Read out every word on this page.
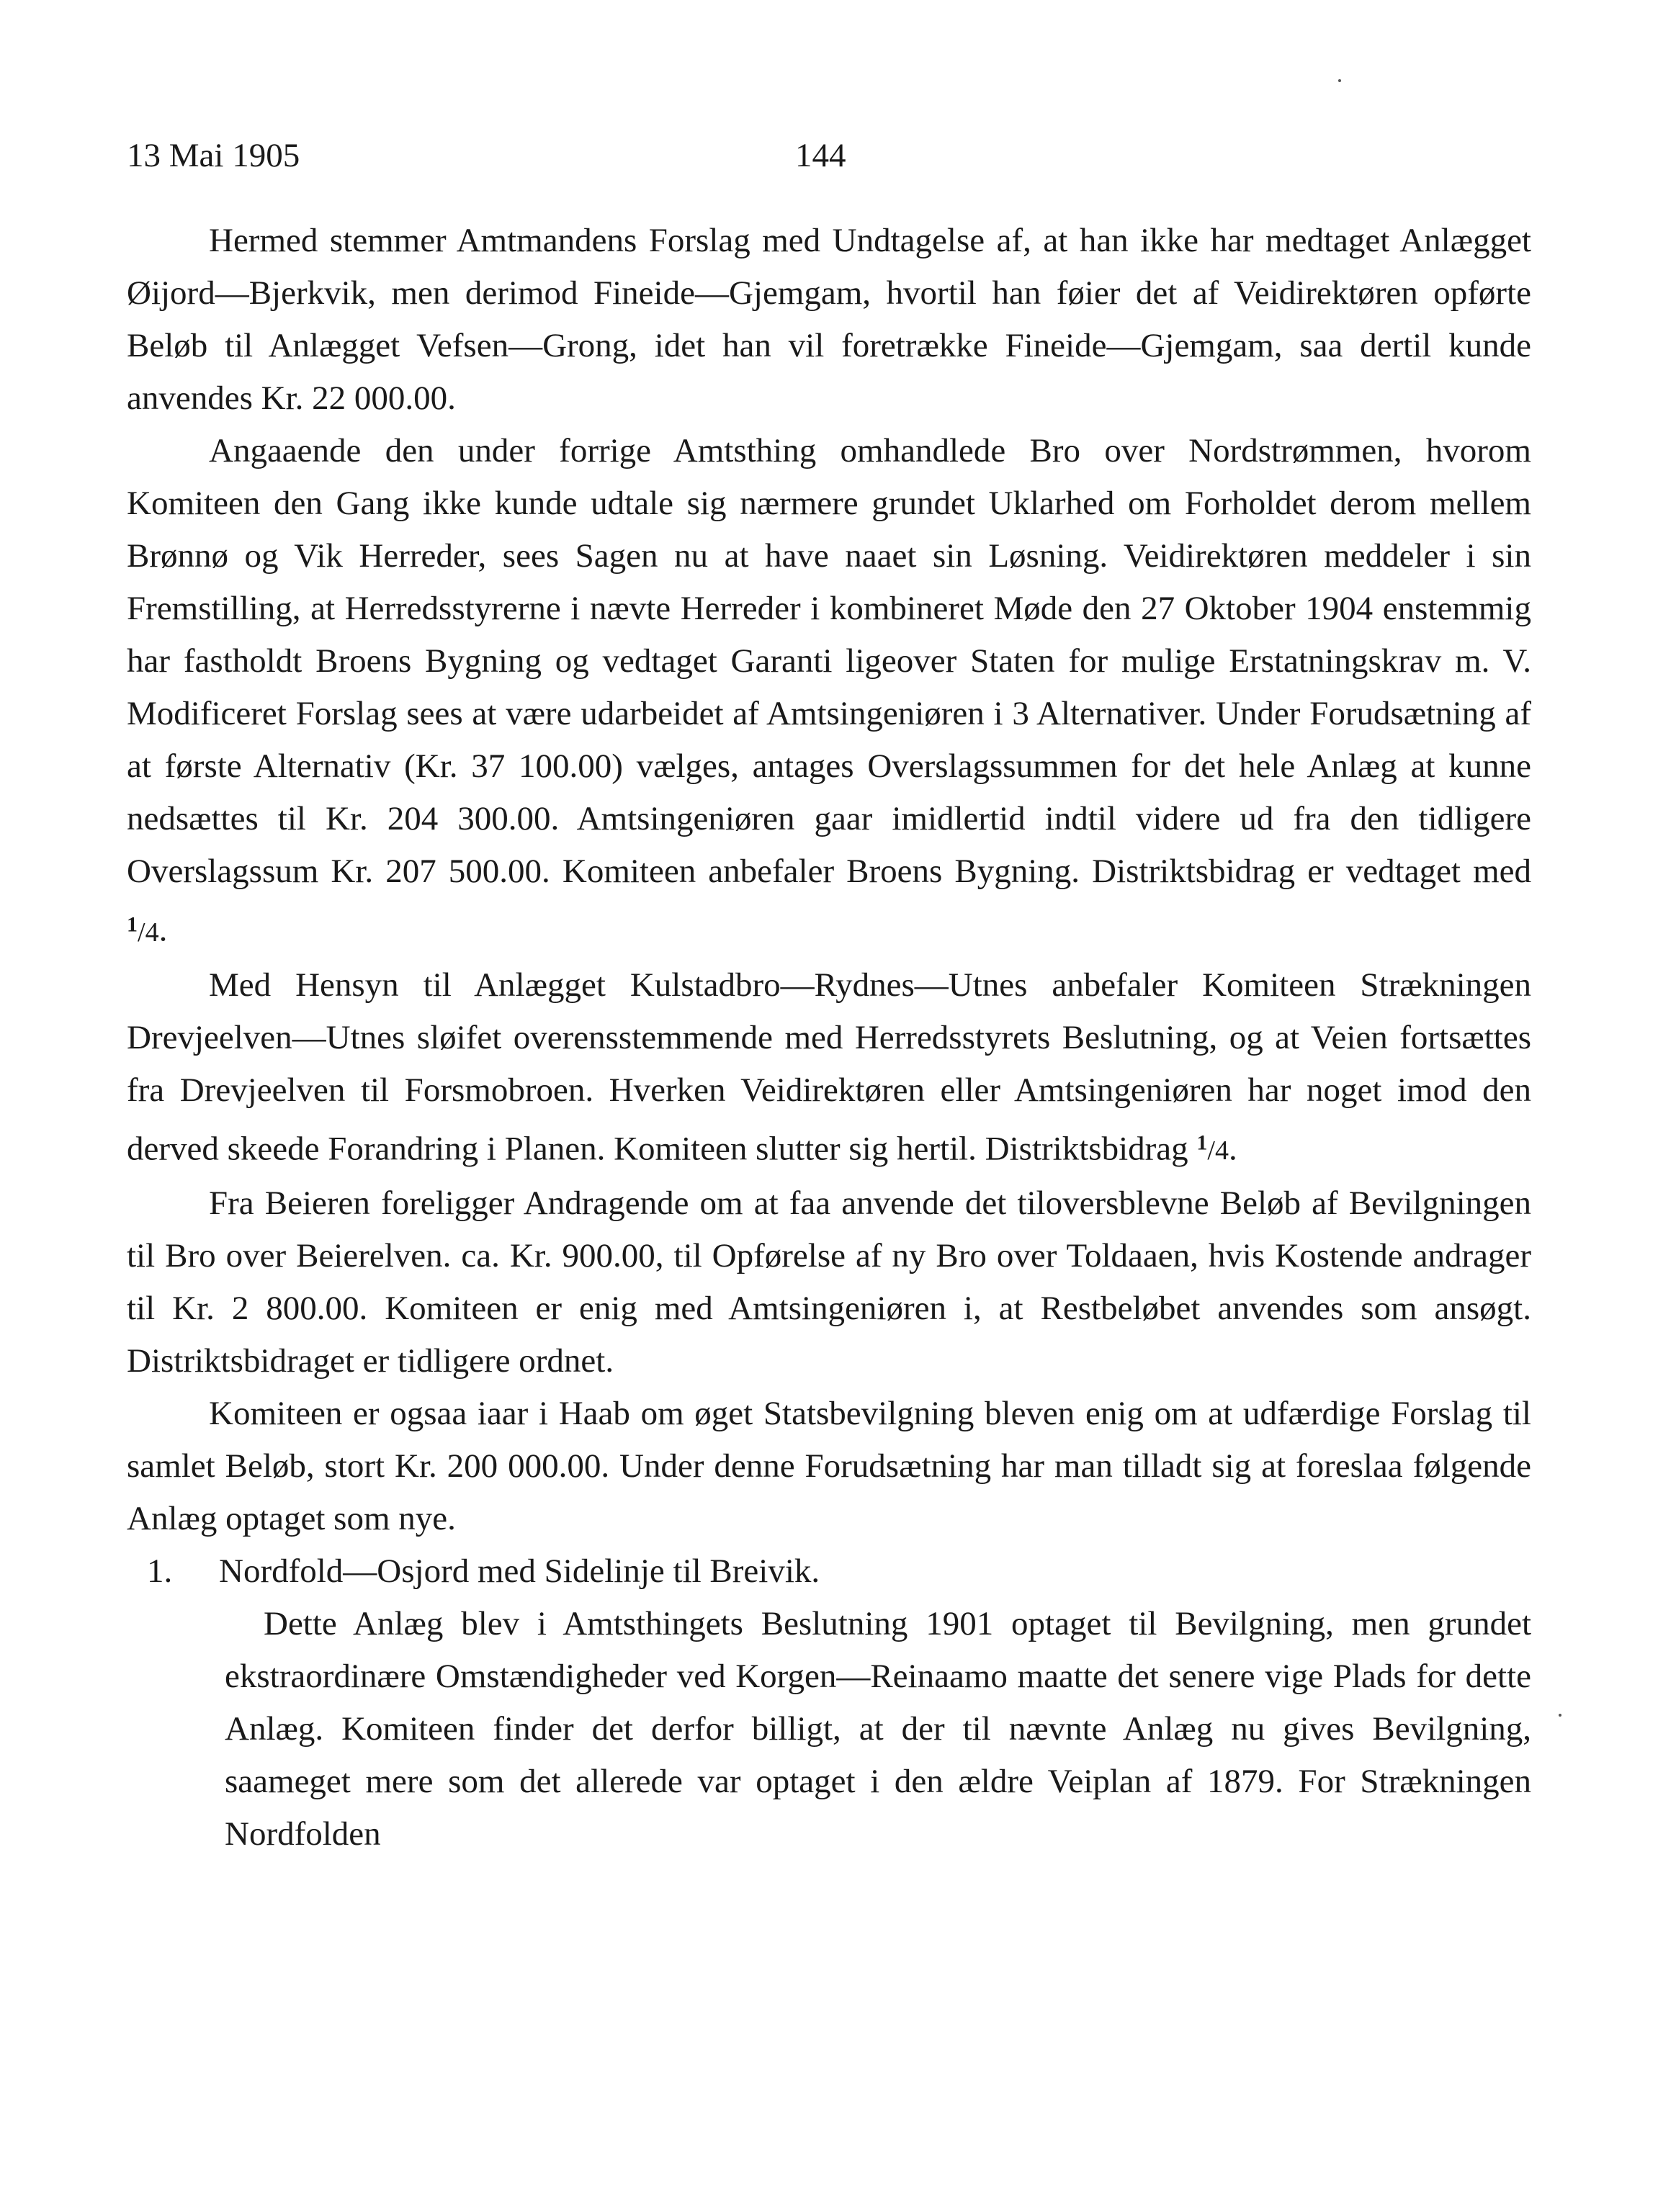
13 Mai 1905	144

Hermed stemmer Amtmandens Forslag med Undtagelse af, at han ikke har medtaget Anlægget Øijord—Bjerkvik, men derimod Fineide—Gjemgam, hvortil han føier det af Veidirektøren opførte Beløb til Anlægget Vefsen—Grong, idet han vil foretrække Fineide—Gjemgam, saa dertil kunde anvendes Kr. 22 000.00.

Angaaende den under forrige Amtsthing omhandlede Bro over Nordstrømmen, hvorom Komiteen den Gang ikke kunde udtale sig nærmere grundet Uklarhed om Forholdet derom mellem Brønnø og Vik Herreder, sees Sagen nu at have naaet sin Løsning. Veidirektøren meddeler i sin Fremstilling, at Herredsstyrerne i nævte Herreder i kombineret Møde den 27 Oktober 1904 enstemmig har fastholdt Broens Bygning og vedtaget Garanti ligeover Staten for mulige Erstatningskrav m. V. Modificeret Forslag sees at være udarbeidet af Amtsingeniøren i 3 Alternativer. Under Forudsætning af at første Alternativ (Kr. 37 100.00) vælges, antages Overslagssummen for det hele Anlæg at kunne nedsættes til Kr. 204 300.00. Amtsingeniøren gaar imidlertid indtil videre ud fra den tidligere Overslagssum Kr. 207 500.00. Komiteen anbefaler Broens Bygning. Distriktsbidrag er vedtaget med $^1$/4.

Med Hensyn til Anlægget Kulstadbro—Rydnes—Utnes anbefaler Komiteen Strækningen Drevjeelven—Utnes sløifet overensstemmende med Herredsstyrets Beslutning, og at Veien fortsættes fra Drevjeelven til Forsmobroen. Hverken Veidirektøren eller Amtsingeniøren har noget imod den derved skeede Forandring i Planen. Komiteen slutter sig hertil. Distriktsbidrag $^1$/4.

Fra Beieren foreligger Andragende om at faa anvende det tiloversblevne Beløb af Bevilgningen til Bro over Beierelven. ca. Kr. 900.00, til Opførelse af ny Bro over Toldaaen, hvis Kostende andrager til Kr. 2 800.00. Komiteen er enig med Amtsingeniøren i, at Restbeløbet anvendes som ansøgt. Distriktsbidraget er tidligere ordnet.

Komiteen er ogsaa iaar i Haab om øget Statsbevilgning bleven enig om at udfærdige Forslag til samlet Beløb, stort Kr. 200 000.00. Under denne Forudsætning har man tilladt sig at foreslaa følgende Anlæg optaget som nye.

1. Nordfold—Osjord med Sidelinje til Breivik.

Dette Anlæg blev i Amtsthingets Beslutning 1901 optaget til Bevilgning, men grundet ekstraordinære Omstændigheder ved Korgen—Reinaamo maatte det senere vige Plads for dette Anlæg. Komiteen finder det derfor billigt, at der til nævnte Anlæg nu gives Bevilgning, saameget mere som det allerede var optaget i den ældre Veiplan af 1879. For Strækningen Nordfolden
